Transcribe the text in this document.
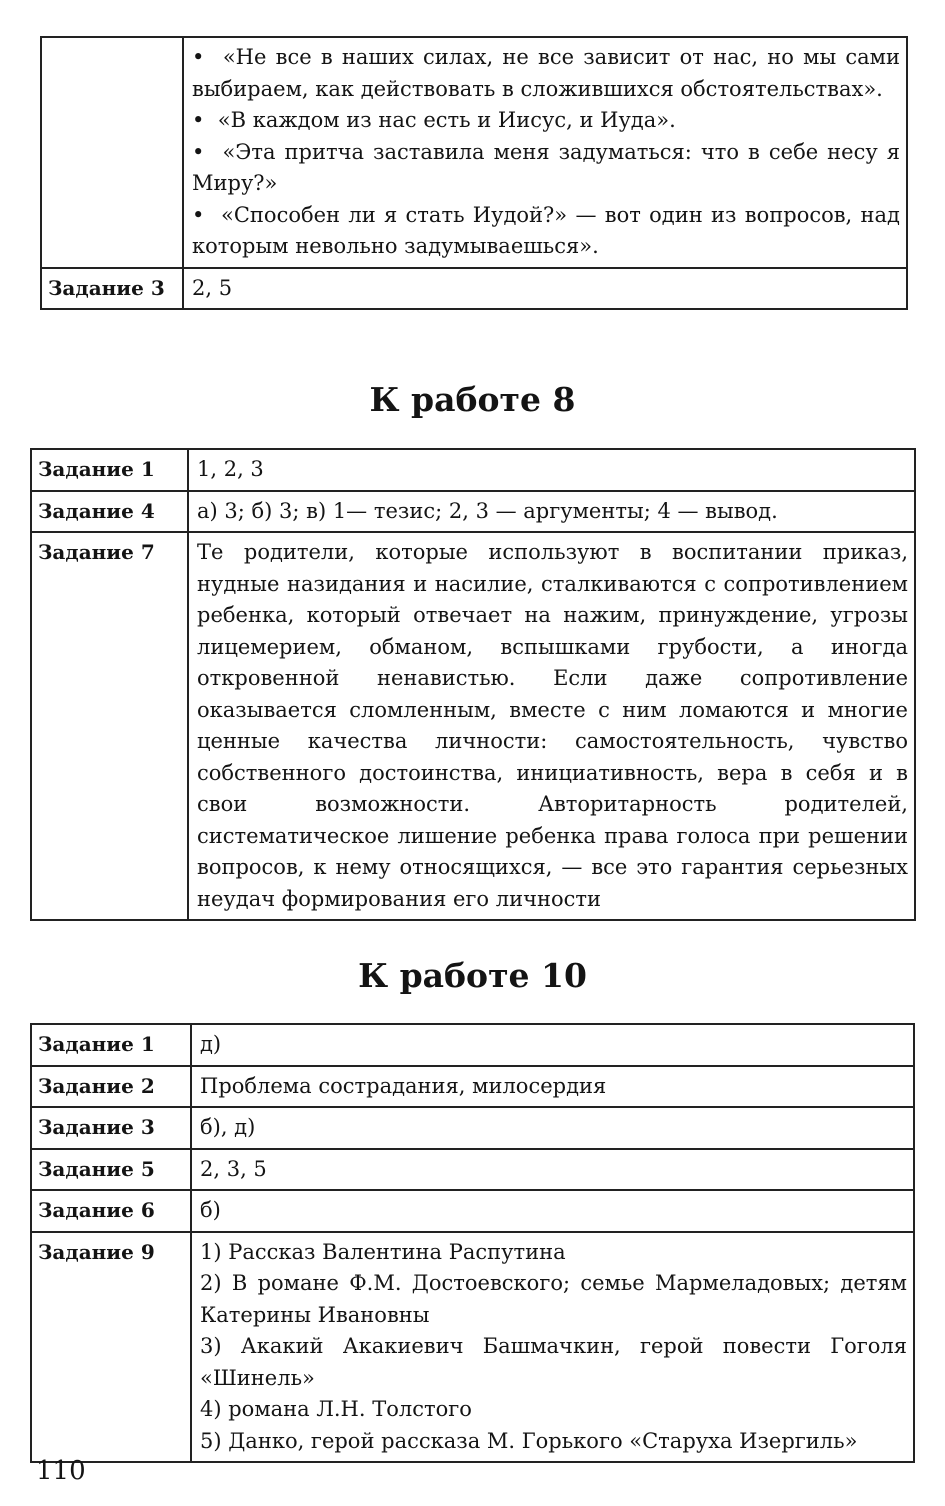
	•  «Не все в наших силах, не все зависит от нас, но мы сами выбираем, как действовать в сложившихся обстоятельствах».

•  «В каждом из нас есть и Иисус, и Иуда».

•  «Эта притча заставила меня задуматься: что в себе несу я Миру?»

•  «Способен ли я стать Иудой?» — вот один из вопросов, над которым невольно задумываешься».

Задание 3	2, 5
К работе 8
Задание 1	1, 2, 3
Задание 4	а) 3; б) 3; в) 1— тезис; 2, 3 — аргументы; 4 — вывод.
Задание 7	Те родители, которые используют в воспитании приказ, нудные назидания и насилие, сталкиваются с сопротивлением ребенка, который отвечает на нажим, принуждение, угрозы лицемерием, обманом, вспышками грубости, а иногда откровенной ненавистью. Если даже сопротивление оказывается сломленным, вместе с ним ломаются и многие ценные качества личности: самостоятельность, чувство собственного достоинства, инициативность, вера в себя и в свои возможности. Авторитарность родителей, систематическое лишение ребенка права голоса при решении вопросов, к нему относящихся, — все это гарантия серьезных неудач формирования его личности
К работе 10
Задание 1	д)
Задание 2	Проблема сострадания, милосердия
Задание 3	б), д)
Задание 5	2, 3, 5
Задание 6	б)
Задание 9	1) Рассказ Валентина Распутина

2) В романе Ф.М. Достоевского; семье Мармеладовых; детям Катерины Ивановны

3) Акакий Акакиевич Башмачкин, герой повести Гоголя «Шинель»

4) романа Л.Н. Толстого

5) Данко, герой рассказа М. Горького «Старуха Изергиль»

110
